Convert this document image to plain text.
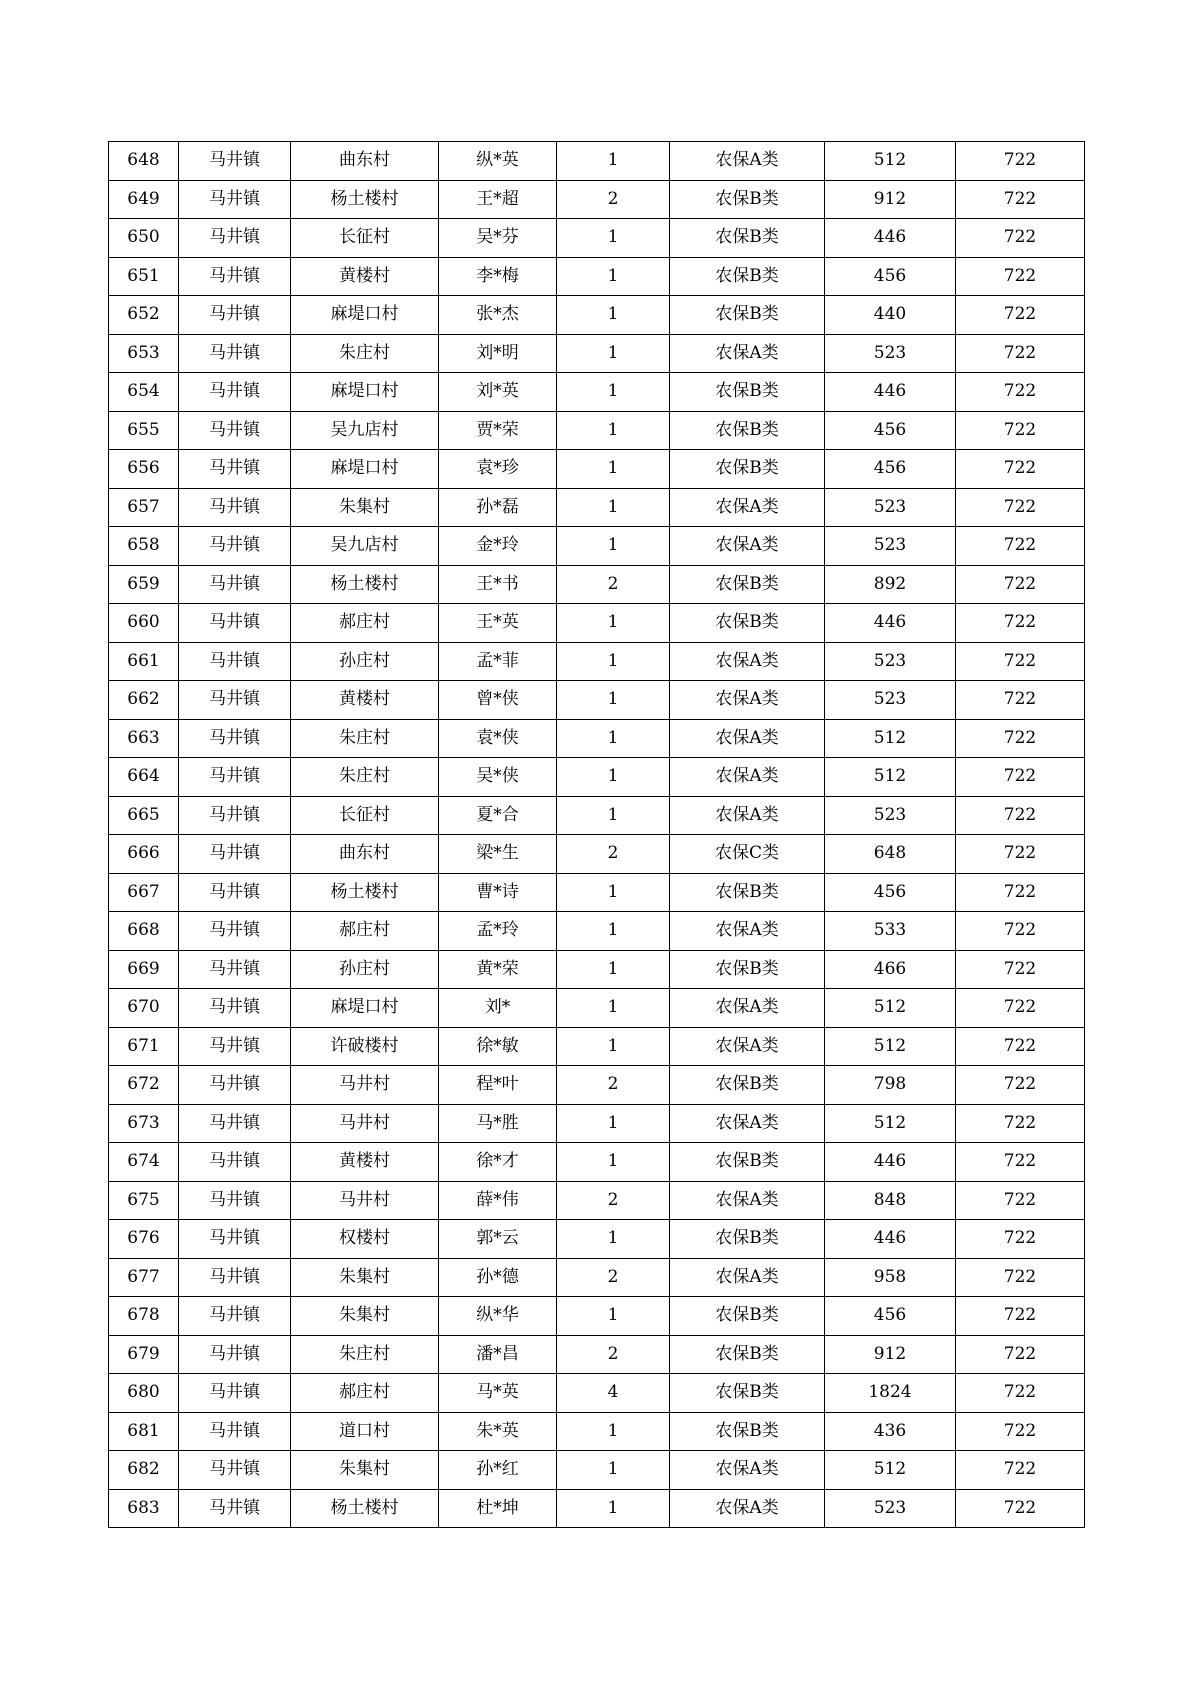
648	马井镇	曲东村	纵*英	1	农保A类	512	722
649	马井镇	杨土楼村	王*超	2	农保B类	912	722
650	马井镇	长征村	吴*芬	1	农保B类	446	722
651	马井镇	黄楼村	李*梅	1	农保B类	456	722
652	马井镇	麻堤口村	张*杰	1	农保B类	440	722
653	马井镇	朱庄村	刘*明	1	农保A类	523	722
654	马井镇	麻堤口村	刘*英	1	农保B类	446	722
655	马井镇	吴九店村	贾*荣	1	农保B类	456	722
656	马井镇	麻堤口村	袁*珍	1	农保B类	456	722
657	马井镇	朱集村	孙*磊	1	农保A类	523	722
658	马井镇	吴九店村	金*玲	1	农保A类	523	722
659	马井镇	杨土楼村	王*书	2	农保B类	892	722
660	马井镇	郝庄村	王*英	1	农保B类	446	722
661	马井镇	孙庄村	孟*菲	1	农保A类	523	722
662	马井镇	黄楼村	曾*侠	1	农保A类	523	722
663	马井镇	朱庄村	袁*侠	1	农保A类	512	722
664	马井镇	朱庄村	吴*侠	1	农保A类	512	722
665	马井镇	长征村	夏*合	1	农保A类	523	722
666	马井镇	曲东村	梁*生	2	农保C类	648	722
667	马井镇	杨土楼村	曹*诗	1	农保B类	456	722
668	马井镇	郝庄村	孟*玲	1	农保A类	533	722
669	马井镇	孙庄村	黄*荣	1	农保B类	466	722
670	马井镇	麻堤口村	刘*	1	农保A类	512	722
671	马井镇	许破楼村	徐*敏	1	农保A类	512	722
672	马井镇	马井村	程*叶	2	农保B类	798	722
673	马井镇	马井村	马*胜	1	农保A类	512	722
674	马井镇	黄楼村	徐*才	1	农保B类	446	722
675	马井镇	马井村	薛*伟	2	农保A类	848	722
676	马井镇	权楼村	郭*云	1	农保B类	446	722
677	马井镇	朱集村	孙*德	2	农保A类	958	722
678	马井镇	朱集村	纵*华	1	农保B类	456	722
679	马井镇	朱庄村	潘*昌	2	农保B类	912	722
680	马井镇	郝庄村	马*英	4	农保B类	1824	722
681	马井镇	道口村	朱*英	1	农保B类	436	722
682	马井镇	朱集村	孙*红	1	农保A类	512	722
683	马井镇	杨土楼村	杜*坤	1	农保A类	523	722
